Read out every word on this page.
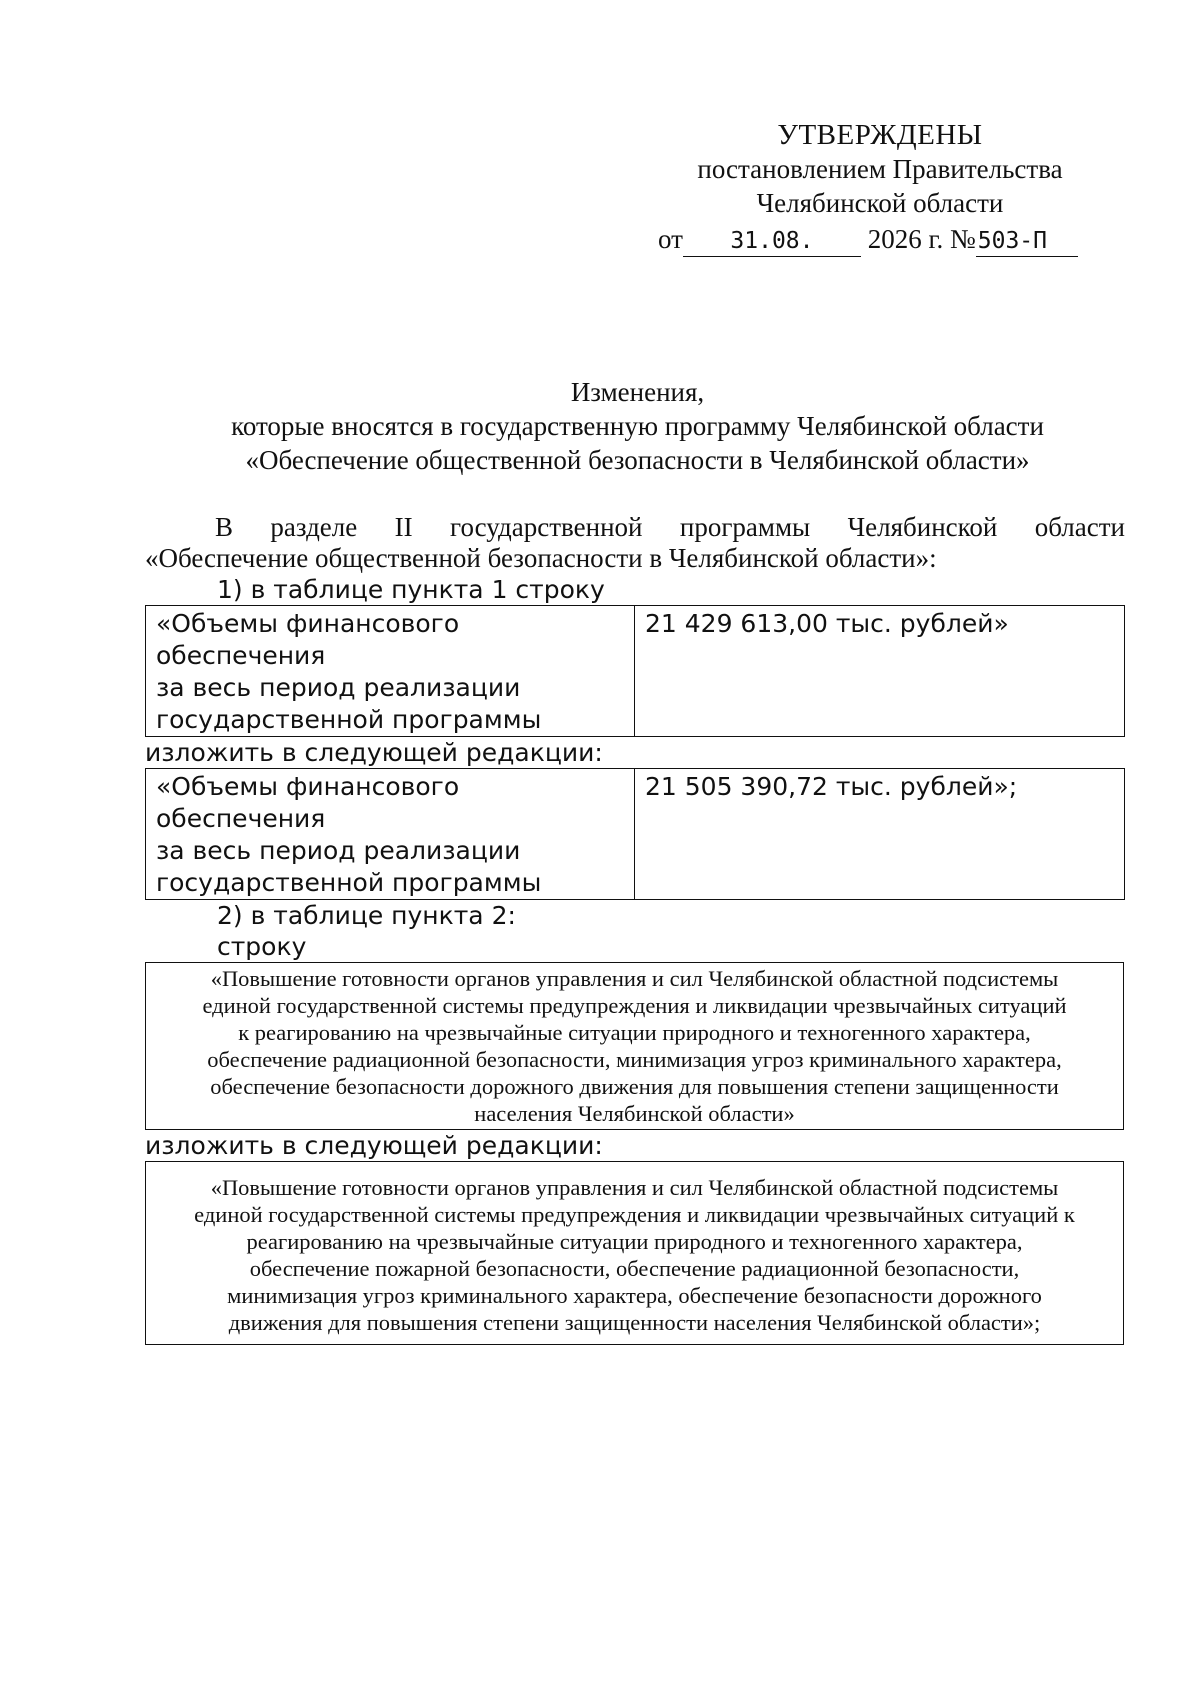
УТВЕРЖДЕНЫ
постановлением Правительства
Челябинской области
от 31.08. 2026 г. №503-П
Изменения,
которые вносятся в государственную программу Челябинской области
«Обеспечение общественной безопасности в Челябинской области»
В разделе II государственной программы Челябинской области
«Обеспечение общественной безопасности в Челябинской области»:
1) в таблице пункта 1 строку
«Объемы финансового обеспечения
за весь период реализации
государственной программы
	21 429 613,00 тыс. рублей»
изложить в следующей редакции:
«Объемы финансового обеспечения
за весь период реализации
государственной программы
	21 505 390,72 тыс. рублей»;
2) в таблице пункта 2:
строку
«Повышение готовности органов управления и сил Челябинской областной подсистемы
единой государственной системы предупреждения и ликвидации чрезвычайных ситуаций
к реагированию на чрезвычайные ситуации природного и техногенного характера,
обеспечение радиационной безопасности, минимизация угроз криминального характера,
обеспечение безопасности дорожного движения для повышения степени защищенности
населения Челябинской области»
изложить в следующей редакции:
«Повышение готовности органов управления и сил Челябинской областной подсистемы
единой государственной системы предупреждения и ликвидации чрезвычайных ситуаций к
реагированию на чрезвычайные ситуации природного и техногенного характера,
обеспечение пожарной безопасности, обеспечение радиационной безопасности,
минимизация угроз криминального характера, обеспечение безопасности дорожного
движения для повышения степени защищенности населения Челябинской области»;
